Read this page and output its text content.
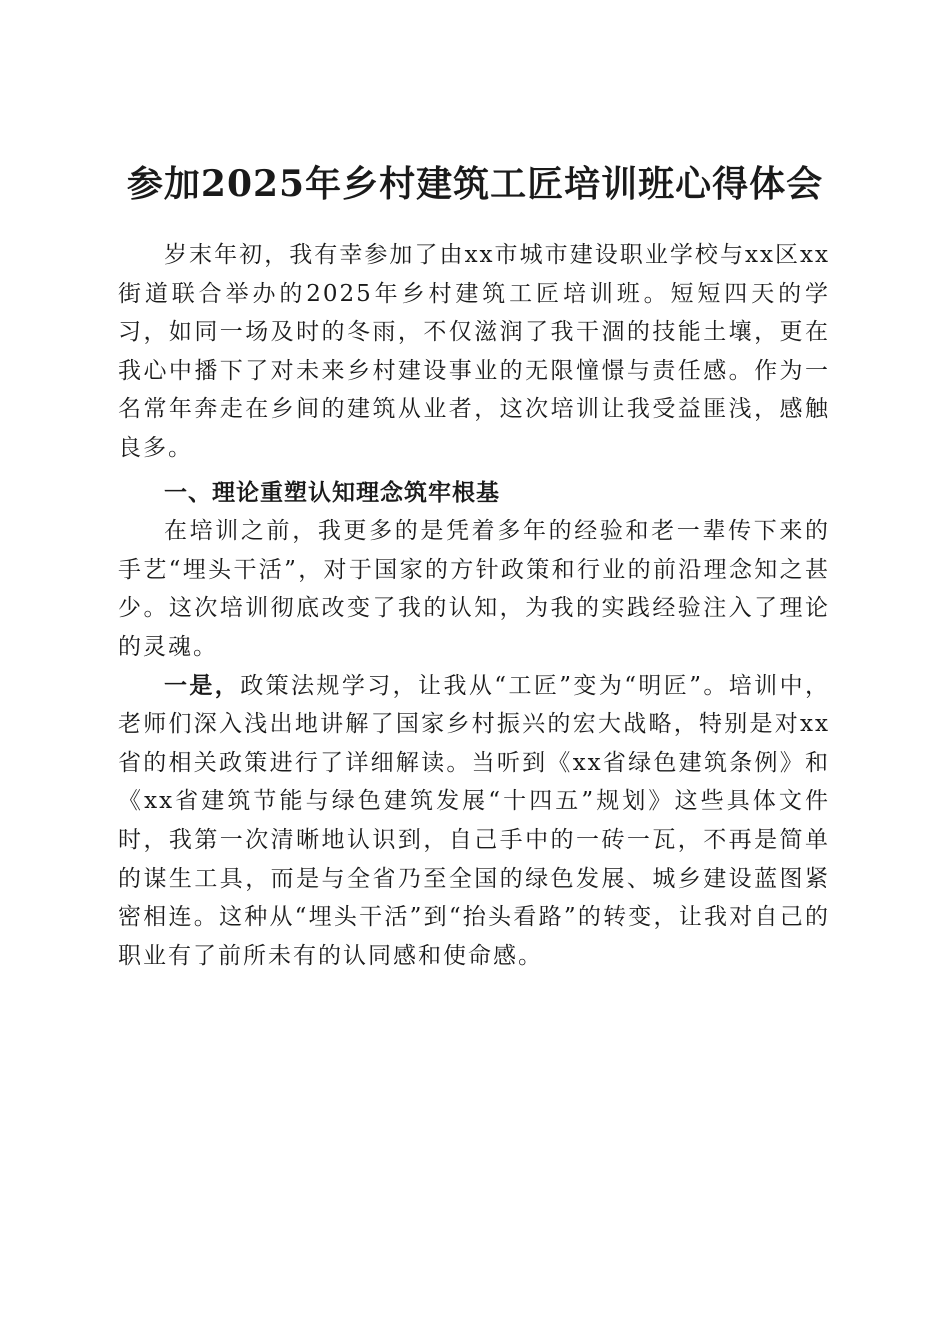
参加2025年乡村建筑工匠培训班心得体会

岁末年初，我有幸参加了由xx市城市建设职业学校与xx区xx街道联合举办的2025年乡村建筑工匠培训班。短短四天的学习，如同一场及时的冬雨，不仅滋润了我干涸的技能土壤，更在我心中播下了对未来乡村建设事业的无限憧憬与责任感。作为一名常年奔走在乡间的建筑从业者，这次培训让我受益匪浅，感触良多。

一、理论重塑认知理念筑牢根基

在培训之前，我更多的是凭着多年的经验和老一辈传下来的手艺“埋头干活”，对于国家的方针政策和行业的前沿理念知之甚少。这次培训彻底改变了我的认知，为我的实践经验注入了理论的灵魂。

一是，政策法规学习，让我从“工匠”变为“明匠”。培训中，老师们深入浅出地讲解了国家乡村振兴的宏大战略，特别是对xx省的相关政策进行了详细解读。当听到《xx省绿色建筑条例》和《xx省建筑节能与绿色建筑发展“十四五”规划》这些具体文件时，我第一次清晰地认识到，自己手中的一砖一瓦，不再是简单的谋生工具，而是与全省乃至全国的绿色发展、城乡建设蓝图紧密相连。这种从“埋头干活”到“抬头看路”的转变，让我对自己的职业有了前所未有的认同感和使命感。
